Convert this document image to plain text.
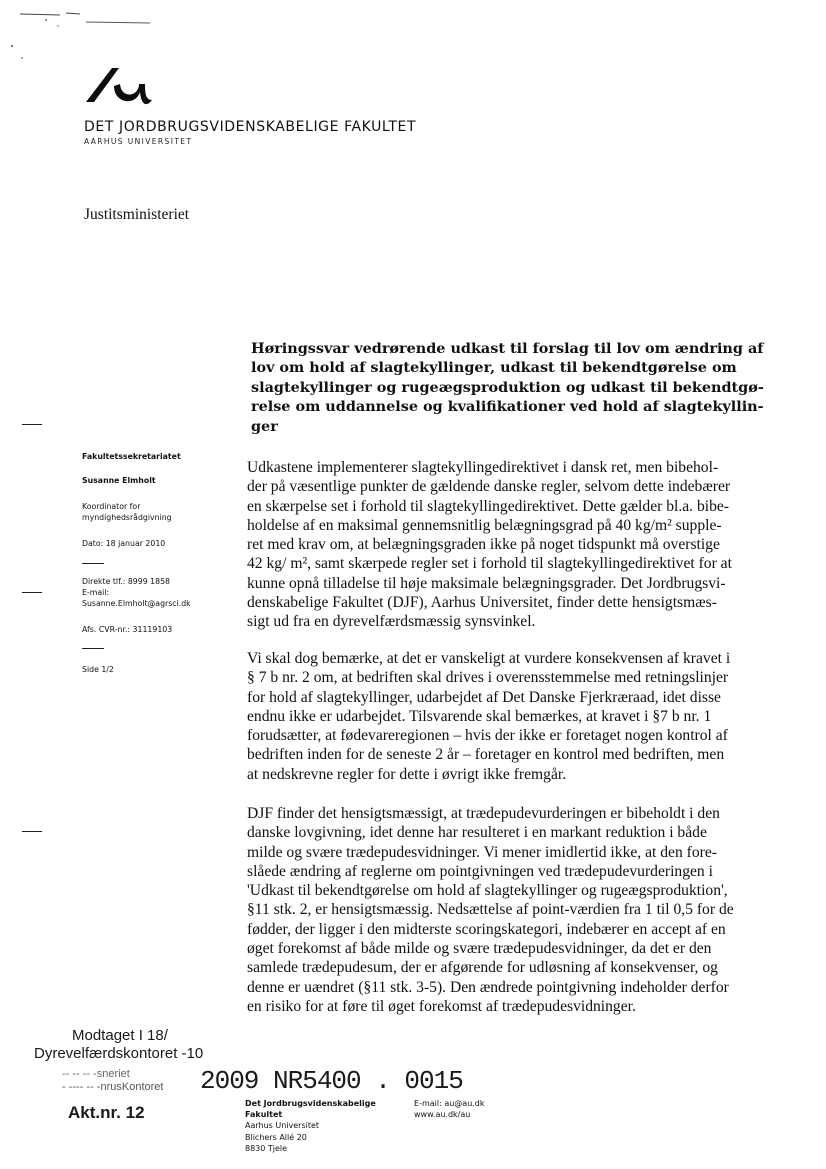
DET JORDBRUGSVIDENSKABELIGE FAKULTET
AARHUS UNIVERSITET
Justitsministeriet
Høringssvar vedrørende udkast til forslag til lov om ændring af
lov om hold af slagtekyllinger, udkast til bekendtgørelse om
slagtekyllinger og rugeægsproduktion og udkast til bekendtgø-
relse om uddannelse og kvalifikationer ved hold af slagtekyllin-
ger
Fakultetssekretariatet
Susanne Elmholt
Koordinator for
myndighedsrådgivning
Dato: 18 januar 2010
Direkte tlf.: 8999 1858
E-mail:
Susanne.Elmholt@agrsci.dk
Afs. CVR-nr.: 31119103
Side 1/2
Udkastene implementerer slagtekyllingedirektivet i dansk ret, men bibehol-
der på væsentlige punkter de gældende danske regler, selvom dette indebærer
en skærpelse set i forhold til slagtekyllingedirektivet. Dette gælder bl.a. bibe-
holdelse af en maksimal gennemsnitlig belægningsgrad på 40 kg/m² supple-
ret med krav om, at belægningsgraden ikke på noget tidspunkt må overstige
42 kg/ m², samt skærpede regler set i forhold til slagtekyllingedirektivet for at
kunne opnå tilladelse til høje maksimale belægningsgrader. Det Jordbrugsvi-
denskabelige Fakultet (DJF), Aarhus Universitet, finder dette hensigtsmæs-
sigt ud fra en dyrevelfærdsmæssig synsvinkel.
Vi skal dog bemærke, at det er vanskeligt at vurdere konsekvensen af kravet i
§ 7 b nr. 2 om, at bedriften skal drives i overensstemmelse med retningslinjer
for hold af slagtekyllinger, udarbejdet af Det Danske Fjerkræraad, idet disse
endnu ikke er udarbejdet. Tilsvarende skal bemærkes, at kravet i §7 b nr. 1
forudsætter, at fødevareregionen – hvis der ikke er foretaget nogen kontrol af
bedriften inden for de seneste 2 år – foretager en kontrol med bedriften, men
at nedskrevne regler for dette i øvrigt ikke fremgår.
DJF finder det hensigtsmæssigt, at trædepudevurderingen er bibeholdt i den
danske lovgivning, idet denne har resulteret i en markant reduktion i både
milde og svære trædepudesvidninger. Vi mener imidlertid ikke, at den fore-
slåede ændring af reglerne om pointgivningen ved trædepudevurderingen i
'Udkast til bekendtgørelse om hold af slagtekyllinger og rugeægsproduktion',
§11 stk. 2, er hensigtsmæssig. Nedsættelse af point-værdien fra 1 til 0,5 for de
fødder, der ligger i den midterste scoringskategori, indebærer en accept af en
øget forekomst af både milde og svære trædepudesvidninger, da det er den
samlede trædepudesum, der er afgørende for udløsning af konsekvenser, og
denne er uændret (§11 stk. 3-5). Den ændrede pointgivning indeholder derfor
en risiko for at føre til øget forekomst af trædepudesvidninger.
Modtaget I 18/
Dyrevelfærdskontoret -10
-- -- -- -sneriet
- ---- -- -nrusKontoret 2009 NR5400 . 0015
Akt.nr. 12	Det Jordbrugsvidenskabelige
Fakultet
Aarhus Universitet
Blichers Allé 20
8830 Tjele
E-mail: au@au.dk
www.au.dk/au
